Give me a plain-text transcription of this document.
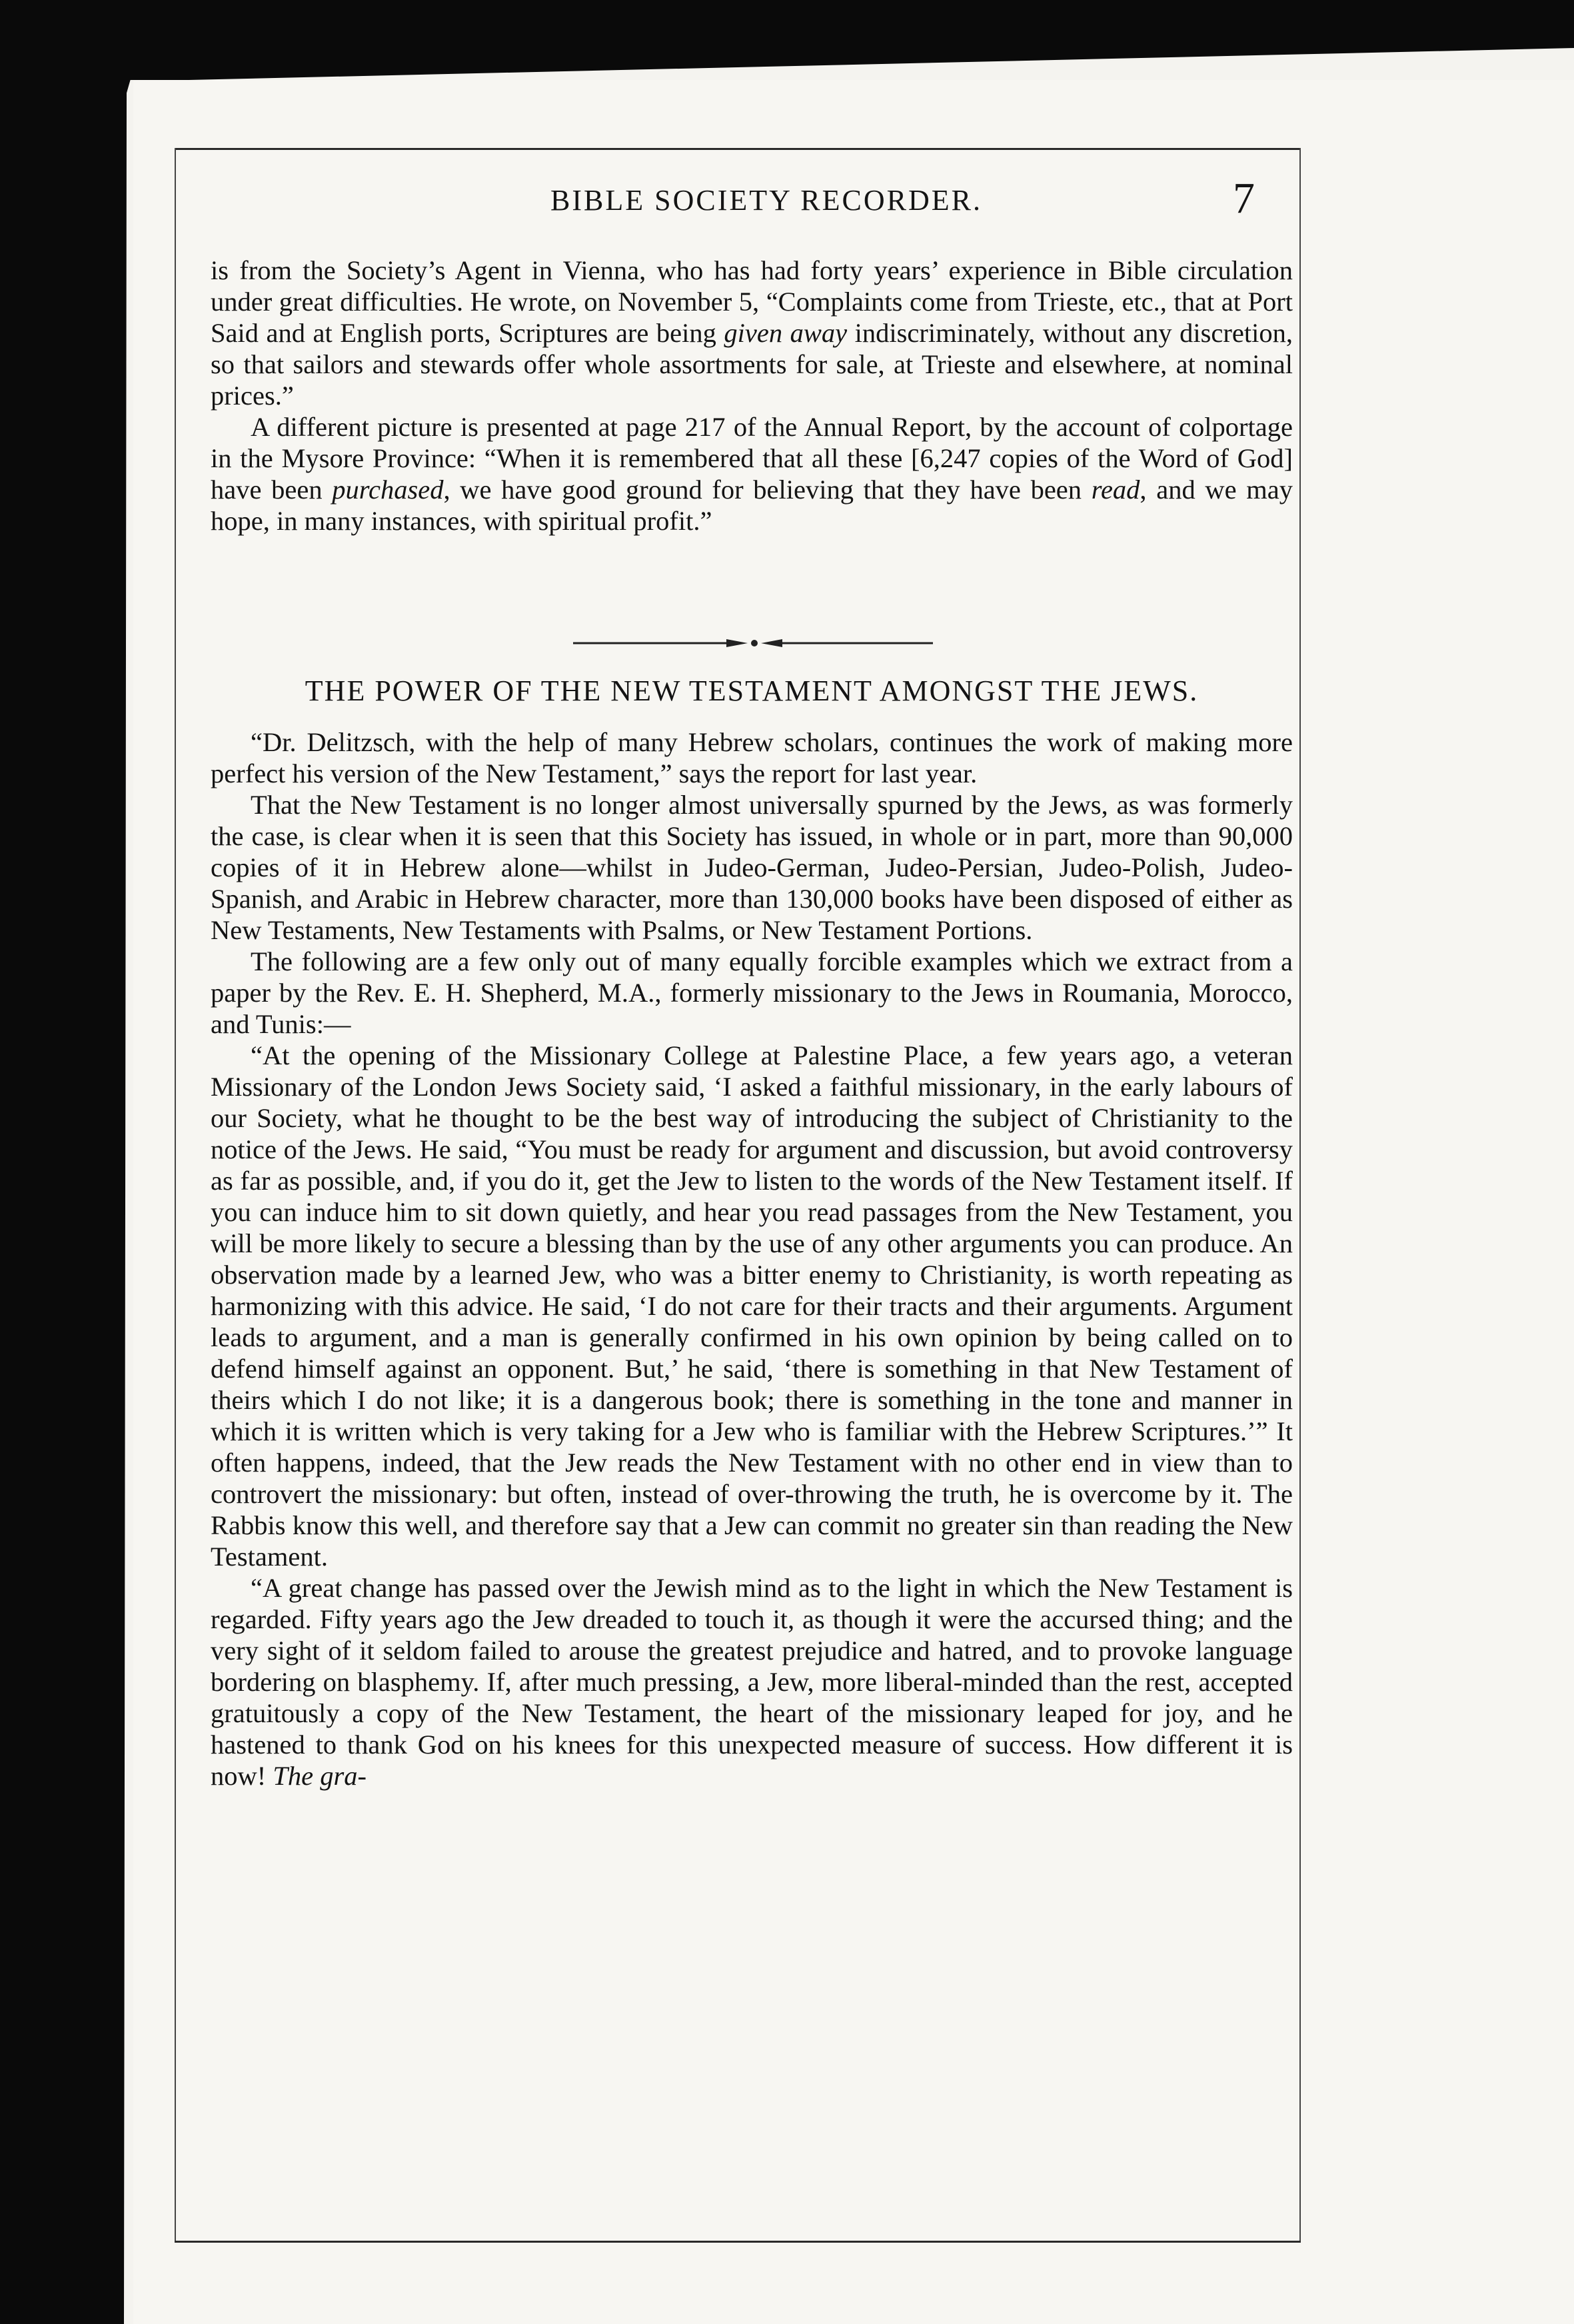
BIBLE SOCIETY RECORDER.	7

is from the Society’s Agent in Vienna, who has had forty years’ experience in Bible circulation under great difficulties. He wrote, on November 5, “Complaints come from Trieste, etc., that at Port Said and at English ports, Scriptures are being given away indiscriminately, without any discretion, so that sailors and stewards offer whole assortments for sale, at Trieste and elsewhere, at nominal prices.”

A different picture is presented at page 217 of the Annual Report, by the account of colportage in the Mysore Province: “When it is remembered that all these [6,247 copies of the Word of God] have been purchased, we have good ground for believing that they have been read, and we may hope, in many instances, with spiritual profit.”

THE POWER OF THE NEW TESTAMENT AMONGST THE JEWS.

“Dr. Delitzsch, with the help of many Hebrew scholars, continues the work of making more perfect his version of the New Testament,” says the report for last year.

That the New Testament is no longer almost universally spurned by the Jews, as was formerly the case, is clear when it is seen that this Society has issued, in whole or in part, more than 90,000 copies of it in Hebrew alone—whilst in Judeo-German, Judeo-Persian, Judeo-Polish, Judeo-Spanish, and Arabic in Hebrew character, more than 130,000 books have been disposed of either as New Testaments, New Testaments with Psalms, or New Testament Portions.

The following are a few only out of many equally forcible examples which we extract from a paper by the Rev. E. H. Shepherd, M.A., formerly missionary to the Jews in Roumania, Morocco, and Tunis:—

“At the opening of the Missionary College at Palestine Place, a few years ago, a veteran Missionary of the London Jews Society said, ‘I asked a faithful missionary, in the early labours of our Society, what he thought to be the best way of introducing the subject of Christianity to the notice of the Jews. He said, “You must be ready for argument and discussion, but avoid controversy as far as possible, and, if you do it, get the Jew to listen to the words of the New Testament itself. If you can induce him to sit down quietly, and hear you read passages from the New Testament, you will be more likely to secure a blessing than by the use of any other arguments you can produce. An observation made by a learned Jew, who was a bitter enemy to Christianity, is worth repeating as harmonizing with this advice. He said, ‘I do not care for their tracts and their arguments. Argument leads to argument, and a man is generally confirmed in his own opinion by being called on to defend himself against an opponent. But,’ he said, ‘there is something in that New Testament of theirs which I do not like; it is a dangerous book; there is something in the tone and manner in which it is written which is very taking for a Jew who is familiar with the Hebrew Scriptures.’” It often happens, indeed, that the Jew reads the New Testament with no other end in view than to controvert the missionary: but often, instead of over-throwing the truth, he is overcome by it. The Rabbis know this well, and therefore say that a Jew can commit no greater sin than reading the New Testament.

“A great change has passed over the Jewish mind as to the light in which the New Testament is regarded. Fifty years ago the Jew dreaded to touch it, as though it were the accursed thing; and the very sight of it seldom failed to arouse the greatest prejudice and hatred, and to provoke language bordering on blasphemy. If, after much pressing, a Jew, more liberal-minded than the rest, accepted gratuitously a copy of the New Testament, the heart of the missionary leaped for joy, and he hastened to thank God on his knees for this unexpected measure of success. How different it is now! The gra-
